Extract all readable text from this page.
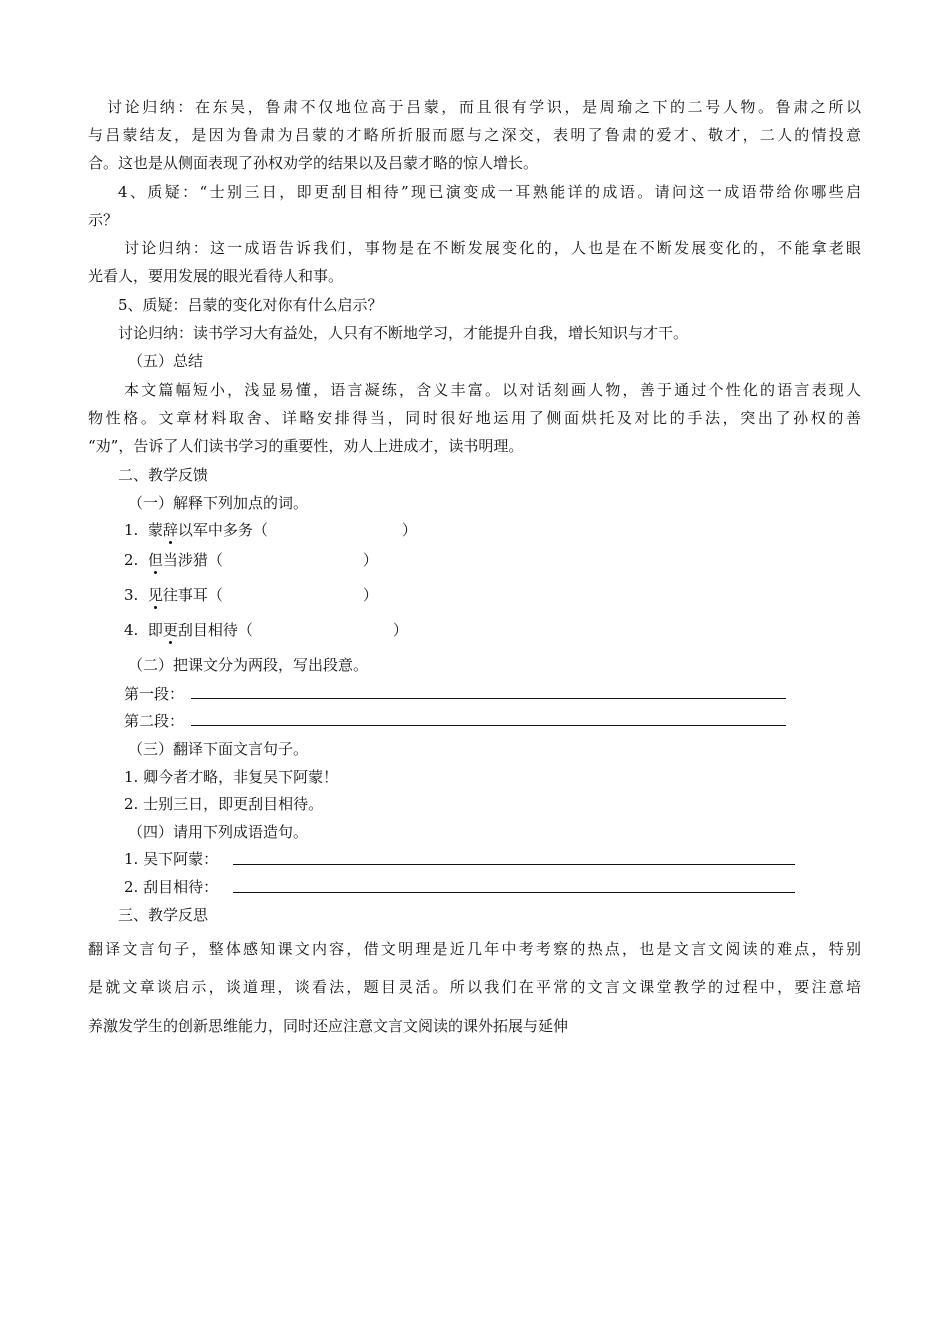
讨论归纳：在东吴，鲁肃不仅地位高于吕蒙，而且很有学识，是周瑜之下的二号人物。鲁肃之所以
与吕蒙结友，是因为鲁肃为吕蒙的才略所折服而愿与之深交，表明了鲁肃的爱才、敬才，二人的情投意
合。这也是从侧面表现了孙权劝学的结果以及吕蒙才略的惊人增长。
4、质疑：“士别三日，即更刮目相待”现已演变成一耳熟能详的成语。请问这一成语带给你哪些启
示？
讨论归纳：这一成语告诉我们，事物是在不断发展变化的，人也是在不断发展变化的，不能拿老眼
光看人，要用发展的眼光看待人和事。
5、质疑：吕蒙的变化对你有什么启示？
讨论归纳：读书学习大有益处，人只有不断地学习，才能提升自我，增长知识与才干。
（五）总结
本文篇幅短小，浅显易懂，语言凝练，含义丰富。以对话刻画人物，善于通过个性化的语言表现人
物性格。文章材料取舍、详略安排得当，同时很好地运用了侧面烘托及对比的手法，突出了孙权的善
“劝”，告诉了人们读书学习的重要性，劝人上进成才，读书明理。
二、教学反馈
（一）解释下列加点的词。
1. 蒙辞以军中多务（	）
2. 但当涉猎（	）
3. 见往事耳（	）
4. 即更刮目相待（	）
（二）把课文分为两段，写出段意。
第一段：
第二段：
（三）翻译下面文言句子。
1. 卿今者才略，非复吴下阿蒙！
2. 士别三日，即更刮目相待。
（四）请用下列成语造句。
1. 吴下阿蒙：
2. 刮目相待：
三、教学反思
翻译文言句子，整体感知课文内容，借文明理是近几年中考考察的热点，也是文言文阅读的难点，特别
是就文章谈启示，谈道理，谈看法，题目灵活。所以我们在平常的文言文课堂教学的过程中，要注意培
养激发学生的创新思维能力，同时还应注意文言文阅读的课外拓展与延伸
